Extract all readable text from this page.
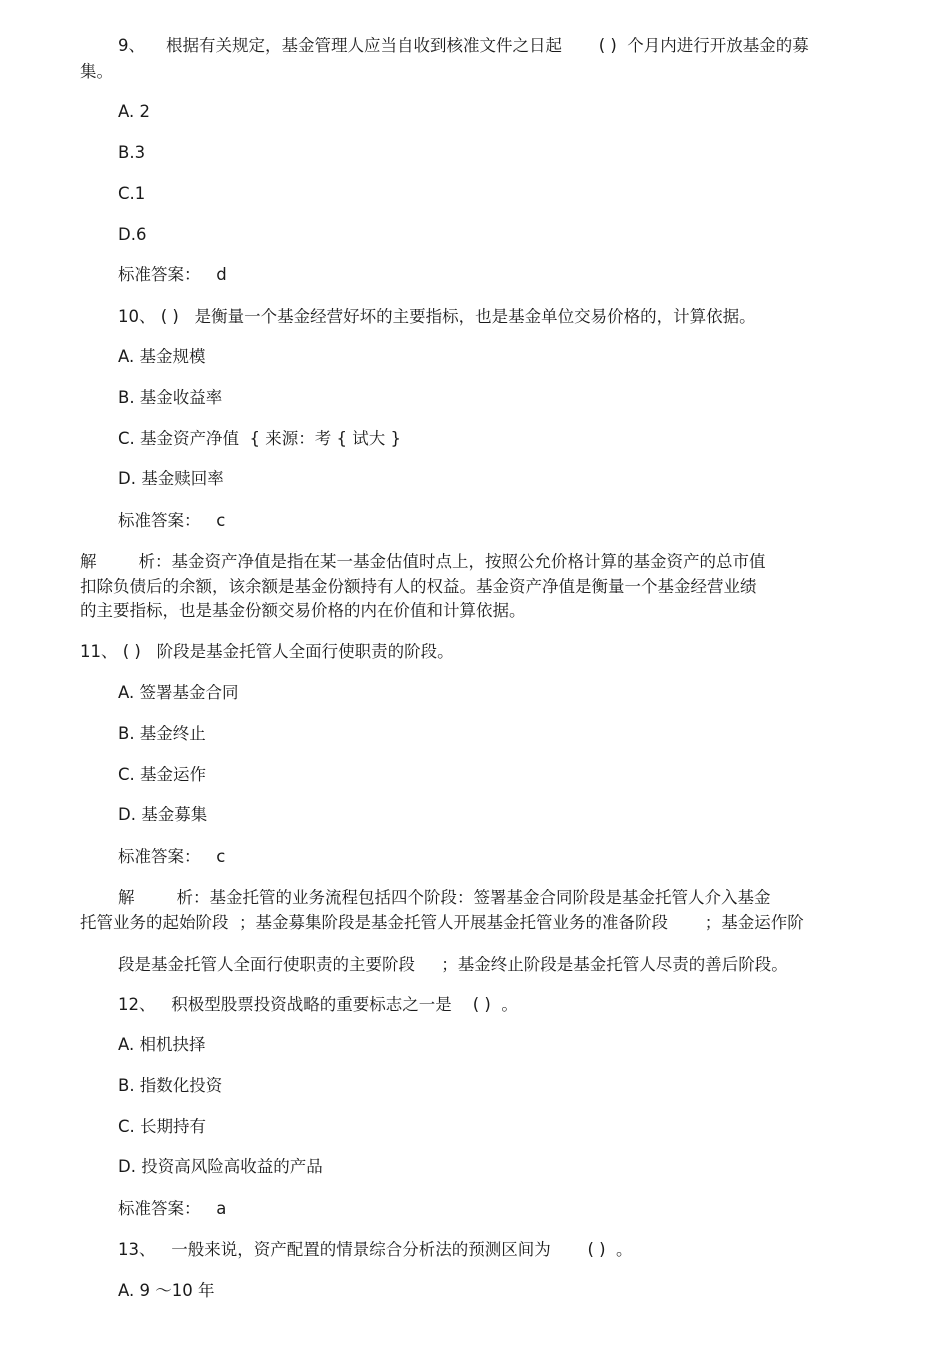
9、    根据有关规定，基金管理人应当自收到核准文件之日起       ( )  个月内进行开放基金的募
集。
A. 2
B.3
C.1
D.6
标准答案：   d
10、 ( )   是衡量一个基金经营好坏的主要指标，也是基金单位交易价格的，计算依据。
A. 基金规模
B. 基金收益率
C. 基金资产净值  { 来源：考 { 试大 }
D. 基金赎回率
标准答案：   c
解        析：基金资产净值是指在某一基金估值时点上，按照公允价格计算的基金资产的总市值
扣除负债后的余额，该余额是基金份额持有人的权益。基金资产净值是衡量一个基金经营业绩
的主要指标，也是基金份额交易价格的内在价值和计算依据。
11、 ( )   阶段是基金托管人全面行使职责的阶段。
A. 签署基金合同
B. 基金终止
C. 基金运作
D. 基金募集
标准答案：   c
解        析：基金托管的业务流程包括四个阶段：签署基金合同阶段是基金托管人介入基金
托管业务的起始阶段  ；基金募集阶段是基金托管人开展基金托管业务的准备阶段       ；基金运作阶
段是基金托管人全面行使职责的主要阶段     ；基金终止阶段是基金托管人尽责的善后阶段。
12、   积极型股票投资战略的重要标志之一是    ( )  。
A. 相机抉择
B. 指数化投资
C. 长期持有
D. 投资高风险高收益的产品
标准答案：   a
13、   一般来说，资产配置的情景综合分析法的预测区间为       ( )  。
A. 9 ～10 年
